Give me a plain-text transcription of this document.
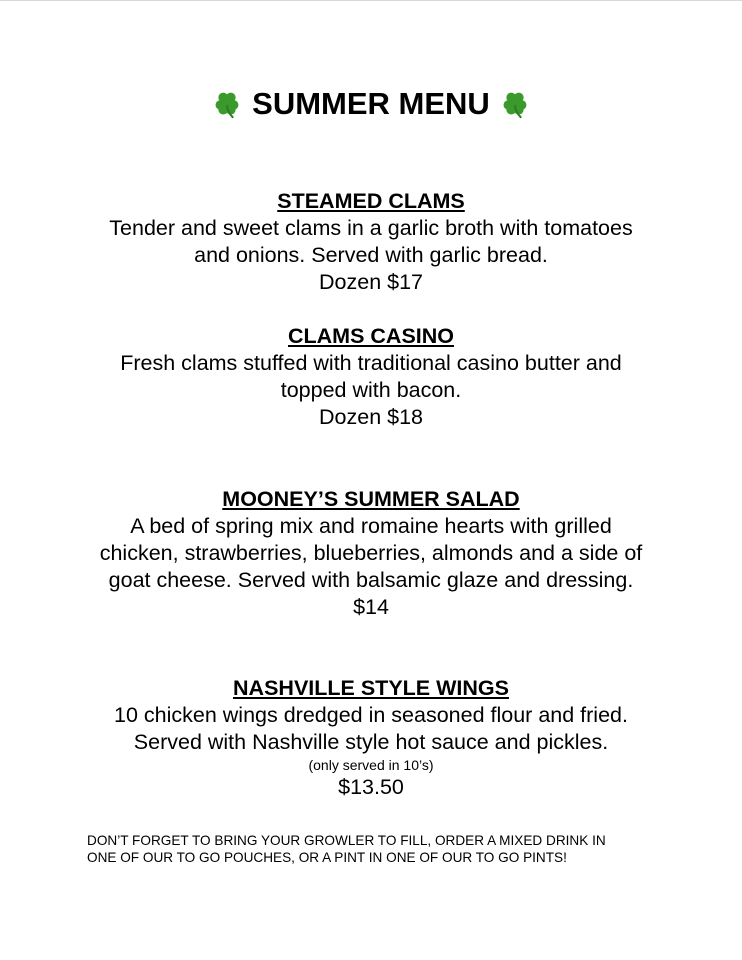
SUMMER MENU
STEAMED CLAMS
Tender and sweet clams in a garlic broth with tomatoes
and onions. Served with garlic bread.
Dozen $17
CLAMS CASINO
Fresh clams stuffed with traditional casino butter and
topped with bacon.
Dozen $18
MOONEY’S SUMMER SALAD
A bed of spring mix and romaine hearts with grilled
chicken, strawberries, blueberries, almonds and a side of
goat cheese. Served with balsamic glaze and dressing.
$14
NASHVILLE STYLE WINGS
10 chicken wings dredged in seasoned flour and fried.
Served with Nashville style hot sauce and pickles.
(only served in 10’s)
$13.50
DON’T FORGET TO BRING YOUR GROWLER TO FILL, ORDER A MIXED DRINK IN
ONE OF OUR TO GO POUCHES, OR A PINT IN ONE OF OUR TO GO PINTS!
